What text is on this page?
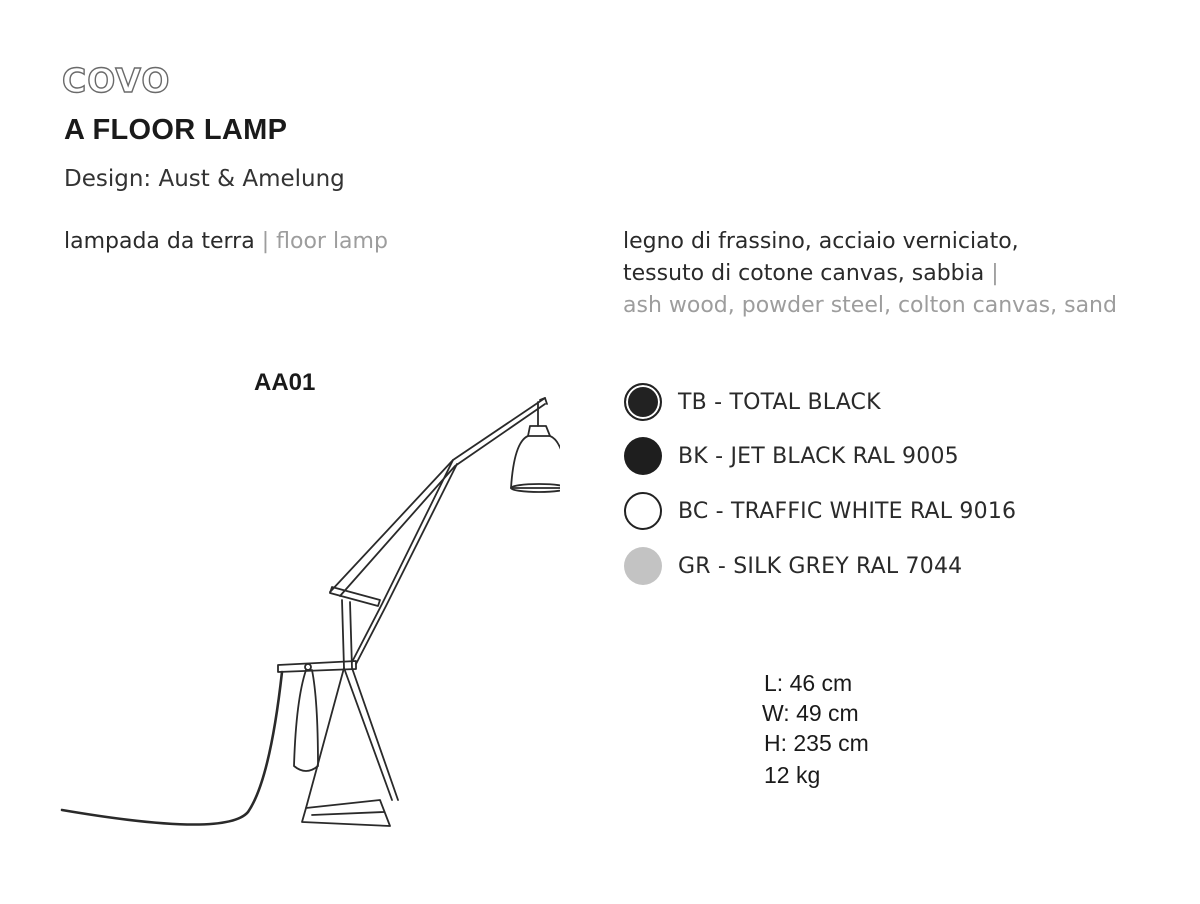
COVO
A FLOOR LAMP
Design: Aust & Amelung
lampada da terra | floor lamp	legno di frassino, acciaio verniciato,
tessuto di cotone canvas, sabbia |
ash wood, powder steel, colton canvas, sand
AA01
TB - TOTAL BLACK
BK - JET BLACK RAL 9005
BC - TRAFFIC WHITE RAL 9016
GR - SILK GREY RAL 7044
L: 46 cm
W: 49 cm
H: 235 cm
12 kg
